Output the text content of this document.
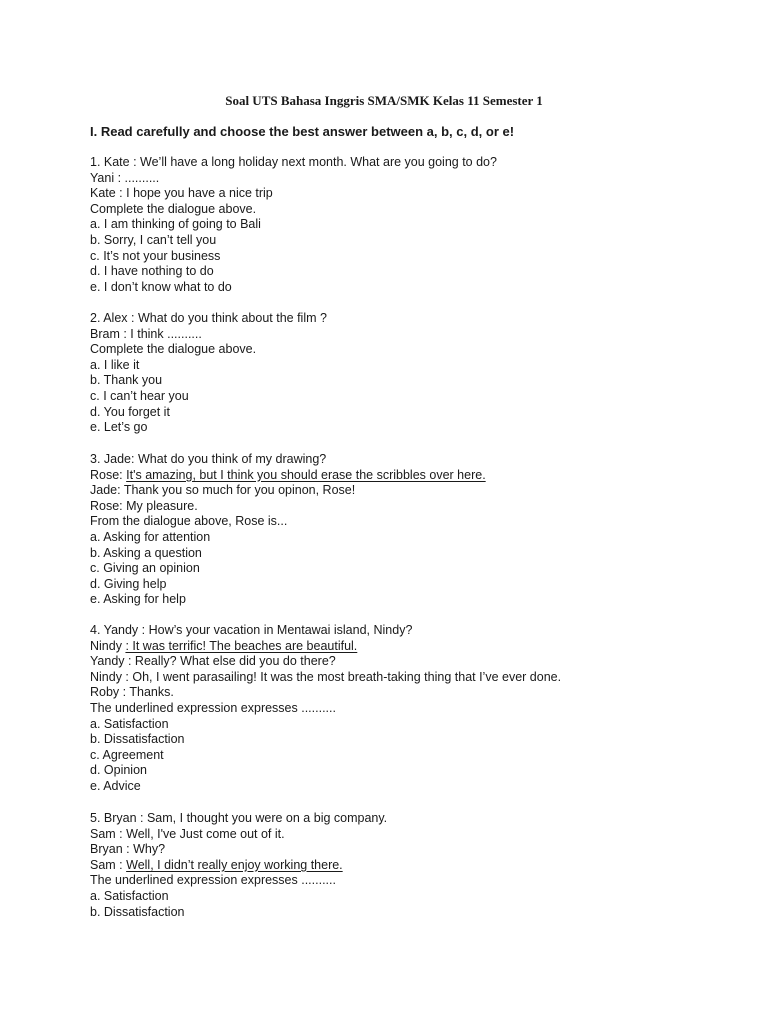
Soal UTS Bahasa Inggris SMA/SMK Kelas 11 Semester 1
I. Read carefully and choose the best answer between a, b, c, d, or e!
1. Kate : We’ll have a long holiday next month. What are you going to do?
Yani : ..........
Kate : I hope you have a nice trip
Complete the dialogue above.
a. I am thinking of going to Bali
b. Sorry, I can’t tell you
c. It’s not your business
d. I have nothing to do
e. I don’t know what to do
2. Alex : What do you think about the film ?
Bram : I think ..........
Complete the dialogue above.
a. I like it
b. Thank you
c. I can’t hear you
d. You forget it
e. Let’s go
3. Jade: What do you think of my drawing?
Rose: It's amazing, but I think you should erase the scribbles over here.
Jade: Thank you so much for you opinon, Rose!
Rose: My pleasure.
From the dialogue above, Rose is...
a. Asking for attention
b. Asking a question
c. Giving an opinion
d. Giving help
e. Asking for help
4. Yandy : How’s your vacation in Mentawai island, Nindy?
Nindy : It was terrific! The beaches are beautiful.
Yandy : Really? What else did you do there?
Nindy : Oh, I went parasailing! It was the most breath-taking thing that I’ve ever done.
Roby : Thanks.
The underlined expression expresses ..........
a. Satisfaction
b. Dissatisfaction
c. Agreement
d. Opinion
e. Advice
5. Bryan : Sam, I thought you were on a big company.
Sam : Well, I've Just come out of it.
Bryan : Why?
Sam : Well, I didn’t really enjoy working there.
The underlined expression expresses ..........
a. Satisfaction
b. Dissatisfaction
